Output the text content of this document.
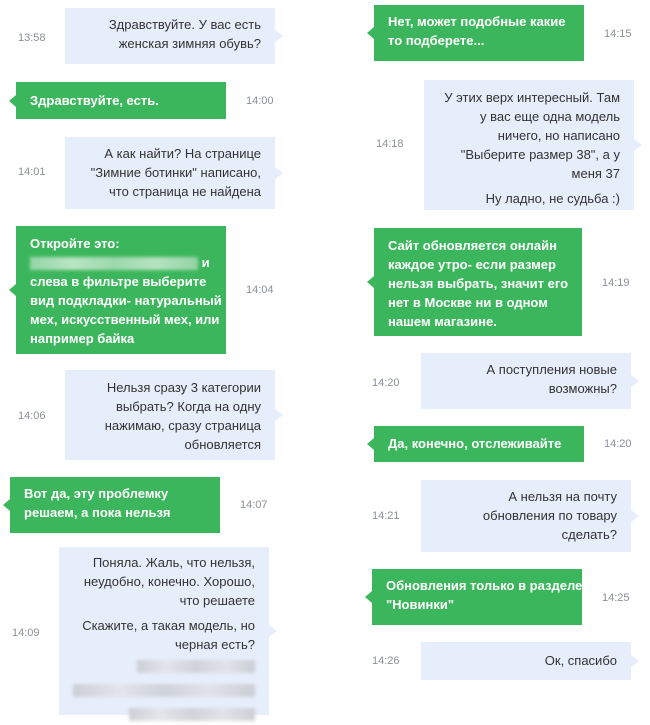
13:58
Здравствуйте. У вас есть
женская зимняя обувь?
Здравствуйте, есть.	14:00
14:01
А как найти? На странице
"Зимние ботинки" написано,
что страница не найдена
Откройте это:
и
слева в фильтре выберите
вид подкладки- натуральный
мех, искусственный мех, или
например байка
14:04
14:06
Нельзя сразу 3 категории
выбрать? Когда на одну
нажимаю, сразу страница
обновляется
Вот да, эту проблемку
решаем, а пока нельзя	14:07
14:09
Поняла. Жаль, что нельзя,
неудобно, конечно. Хорошо,
что решаете
Скажите, а такая модель, но
черная есть?
Нет, может подобные какие
то подберете...	14:15
14:18
У этих верх интересный. Там
у вас еще одна модель
ничего, но написано
"Выберите размер 38", а у
меня 37
Ну ладно, не судьба :)
Сайт обновляется онлайн
каждое утро- если размер
нельзя выбрать, значит его
нет в Москве ни в одном
нашем магазине.
14:19
14:20
А поступления новые
возможны?
Да, конечно, отслеживайте	14:20
14:21
А нельзя на почту
обновления по товару
сделать?
Обновления только в разделе
"Новинки"	14:25
14:26	Ок, спасибо
